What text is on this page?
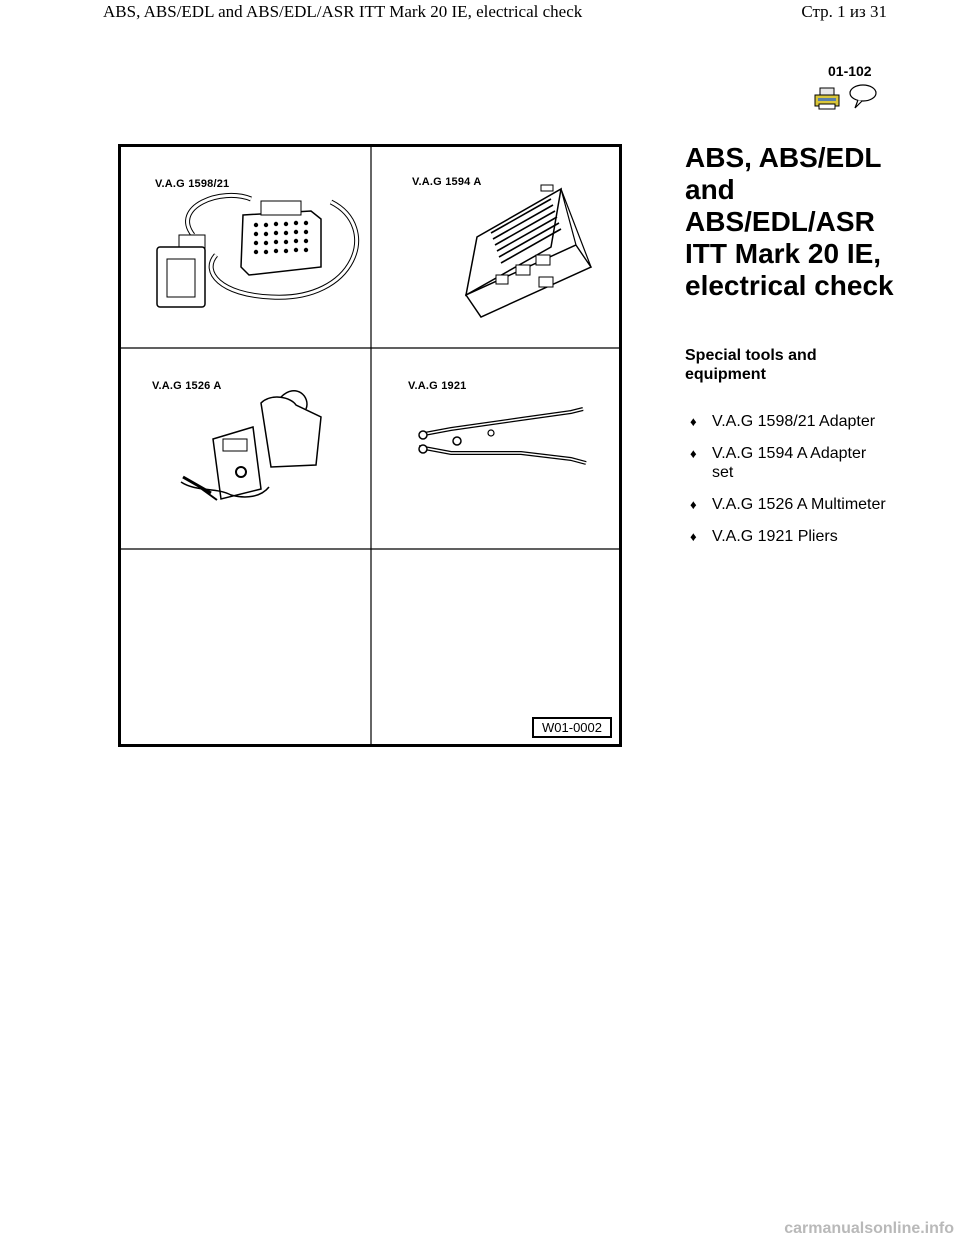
ABS, ABS/EDL and ABS/EDL/ASR ITT Mark 20 IE, electrical check	Стр. 1 из 31
01-102
V.A.G 1598/21	V.A.G 1594 A
V.A.G 1526 A	V.A.G 1921
W01-0002
ABS, ABS/EDL and ABS/EDL/ASR ITT Mark 20 IE, electrical check
Special tools and equipment
♦ V.A.G 1598/21 Adapter
♦ V.A.G 1594 A Adapter set
♦ V.A.G 1526 A Multimeter
♦ V.A.G 1921 Pliers
carmanualsonline.info
